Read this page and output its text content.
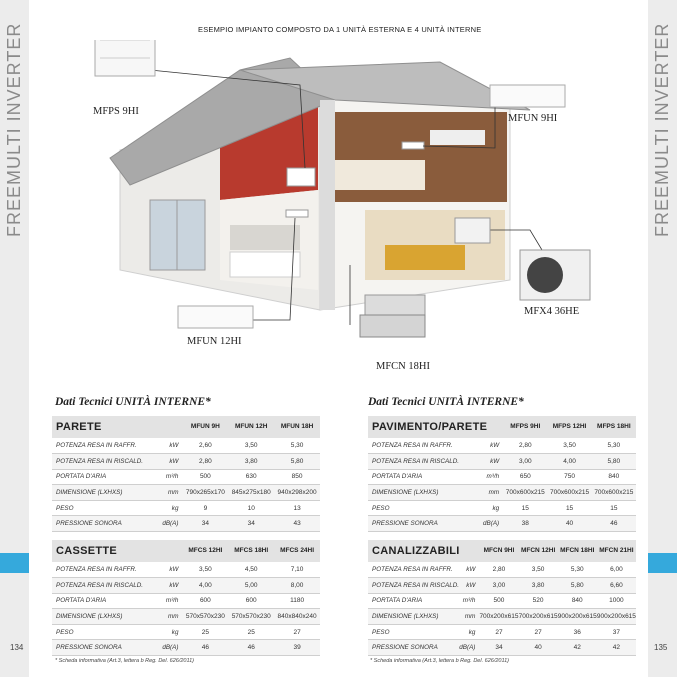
FREEMULTI INVERTER	FREEMULTI INVERTER
134	135
ESEMPIO IMPIANTO COMPOSTO DA 1 UNITÀ ESTERNA E 4 UNITÀ INTERNE
MFPS 9HI
MFUN 9HI
MFUN 12HI
MFCN 18HI
MFX4 36HE
Dati Tecnici UNITÀ INTERNE*	Dati Tecnici UNITÀ INTERNE*
PARETE		MFUN 9H	MFUN 12H	MFUN 18H
POTENZA RESA IN RAFFR.	kW	2,60	3,50	5,30
POTENZA RESA IN RISCALD.	kW	2,80	3,80	5,80
PORTATA D'ARIA	m³/h	500	630	850
DIMENSIONE (LXHXS)	mm	790x265x170	845x275x180	940x298x200
PESO	kg	9	10	13
PRESSIONE SONORA	dB(A)	34	34	43
CASSETTE		MFCS 12HI	MFCS 18HI	MFCS 24HI
POTENZA RESA IN RAFFR.	kW	3,50	4,50	7,10
POTENZA RESA IN RISCALD.	kW	4,00	5,00	8,00
PORTATA D'ARIA	m³/h	600	600	1180
DIMENSIONE (LXHXS)	mm	570x570x230	570x570x230	840x840x240
PESO	kg	25	25	27
PRESSIONE SONORA	dB(A)	46	46	39
PAVIMENTO/PARETE		MFPS 9HI	MFPS 12HI	MFPS 18HI
POTENZA RESA IN RAFFR.	kW	2,80	3,50	5,30
POTENZA RESA IN RISCALD.	kW	3,00	4,00	5,80
PORTATA D'ARIA	m³/h	650	750	840
DIMENSIONE (LXHXS)	mm	700x600x215	700x600x215	700x600x215
PESO	kg	15	15	15
PRESSIONE SONORA	dB(A)	38	40	46
CANALIZZABILI		MFCN 9HI	MFCN 12HI	MFCN 18HI	MFCN 21HI
POTENZA RESA IN RAFFR.	kW	2,80	3,50	5,30	6,00
POTENZA RESA IN RISCALD.	kW	3,00	3,80	5,80	6,60
PORTATA D'ARIA	m³/h	500	520	840	1000
DIMENSIONE (LXHXS)	mm	700x200x615	700x200x615	900x200x615	900x200x615
PESO	kg	27	27	36	37
PRESSIONE SONORA	dB(A)	34	40	42	42
* Scheda informativa (Art.3, lettera b Reg. Del. 626/2011)	* Scheda informativa (Art.3, lettera b Reg. Del. 626/2011)
